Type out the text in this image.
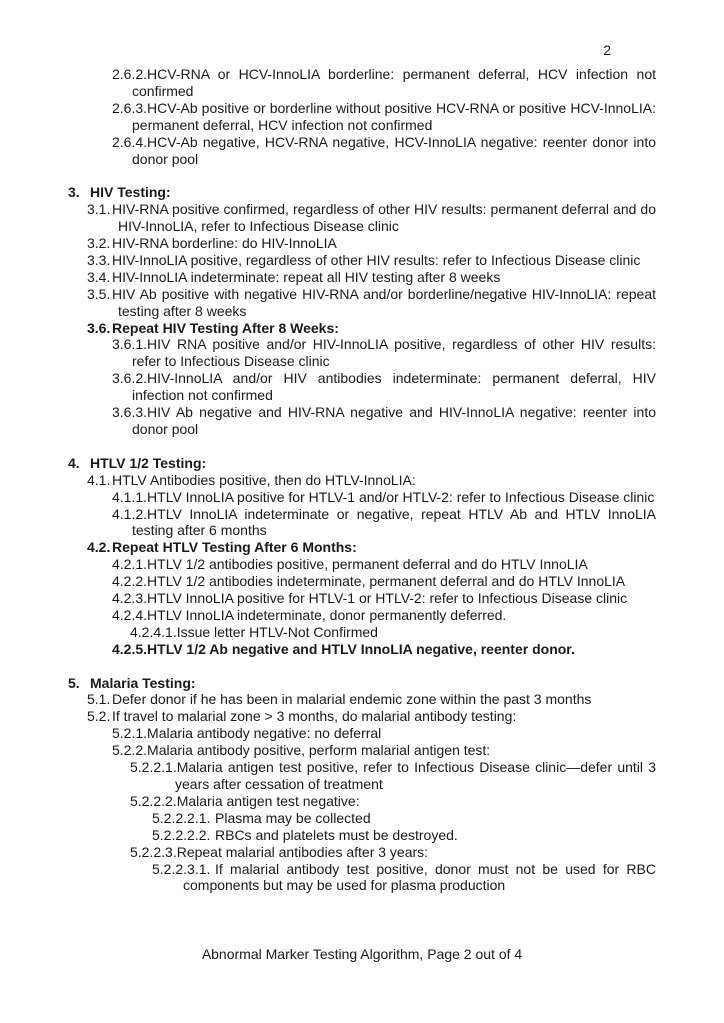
2
2.6.2.HCV-RNA or HCV-InnoLIA borderline: permanent deferral, HCV infection not confirmed
2.6.3.HCV-Ab positive or borderline without positive HCV-RNA or positive HCV-InnoLIA: permanent deferral, HCV infection not confirmed
2.6.4.HCV-Ab negative, HCV-RNA negative, HCV-InnoLIA negative: reenter donor into donor pool
3. HIV Testing:
3.1. HIV-RNA positive confirmed, regardless of other HIV results: permanent deferral and do HIV-InnoLIA, refer to Infectious Disease clinic
3.2. HIV-RNA borderline: do HIV-InnoLIA
3.3. HIV-InnoLIA positive, regardless of other HIV results: refer to Infectious Disease clinic
3.4. HIV-InnoLIA indeterminate: repeat all HIV testing after 8 weeks
3.5. HIV Ab positive with negative HIV-RNA and/or borderline/negative HIV-InnoLIA: repeat testing after 8 weeks
3.6. Repeat HIV Testing After 8 Weeks:
3.6.1.HIV RNA positive and/or HIV-InnoLIA positive, regardless of other HIV results: refer to Infectious Disease clinic
3.6.2.HIV-InnoLIA and/or HIV antibodies indeterminate: permanent deferral, HIV infection not confirmed
3.6.3.HIV Ab negative and HIV-RNA negative and HIV-InnoLIA negative: reenter into donor pool
4. HTLV 1/2 Testing:
4.1. HTLV Antibodies positive, then do HTLV-InnoLIA:
4.1.1.HTLV InnoLIA positive for HTLV-1 and/or HTLV-2: refer to Infectious Disease clinic
4.1.2.HTLV InnoLIA indeterminate or negative, repeat HTLV Ab and HTLV InnoLIA testing after 6 months
4.2. Repeat HTLV Testing After 6 Months:
4.2.1.HTLV 1/2 antibodies positive, permanent deferral and do HTLV InnoLIA
4.2.2.HTLV 1/2 antibodies indeterminate, permanent deferral and do HTLV InnoLIA
4.2.3.HTLV InnoLIA positive for HTLV-1 or HTLV-2: refer to Infectious Disease clinic
4.2.4.HTLV InnoLIA indeterminate, donor permanently deferred.
4.2.4.1.Issue letter HTLV-Not Confirmed
4.2.5.HTLV 1/2 Ab negative and HTLV InnoLIA negative, reenter donor.
5. Malaria Testing:
5.1. Defer donor if he has been in malarial endemic zone within the past 3 months
5.2. If travel to malarial zone > 3 months, do malarial antibody testing:
5.2.1.Malaria antibody negative: no deferral
5.2.2.Malaria antibody positive, perform malarial antigen test:
5.2.2.1.Malaria antigen test positive, refer to Infectious Disease clinic—defer until 3 years after cessation of treatment
5.2.2.2.Malaria antigen test negative:
5.2.2.2.1. Plasma may be collected
5.2.2.2.2. RBCs and platelets must be destroyed.
5.2.2.3.Repeat malarial antibodies after 3 years:
5.2.2.3.1. If malarial antibody test positive, donor must not be used for RBC components but may be used for plasma production
Abnormal Marker Testing Algorithm, Page 2 out of 4
